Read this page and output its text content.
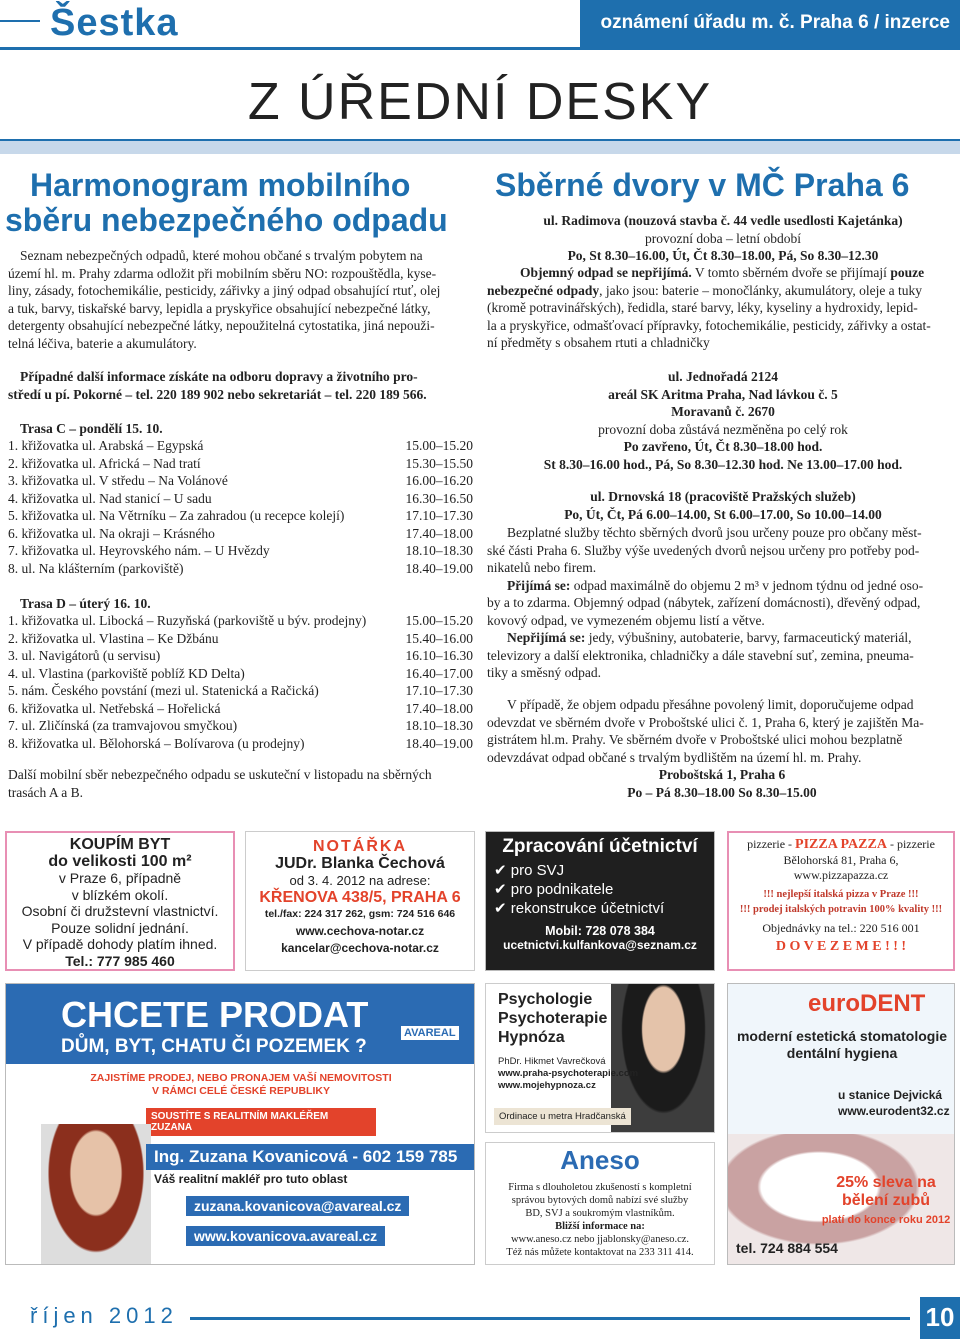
Šestka	oznámení úřadu m. č. Praha 6 / inzerce
Z ÚŘEDNÍ DESKY
Harmonogram mobilního
sběru nebezpečného odpadu
Seznam nebezpečných odpadů, které mohou občané s trvalým pobytem na
území hl. m. Prahy zdarma odložit při mobilním sběru NO: rozpouštědla, kyse-
liny, zásady, fotochemikálie, pesticidy, zářivky a jiný odpad obsahující rtuť, olej
a tuk, barvy, tiskařské barvy, lepidla a pryskyřice obsahující nebezpečné látky,
detergenty obsahující nebezpečné látky, nepoužitelná cytostatika, jiná nepouži-
telná léčiva, baterie a akumulátory.
Případné další informace získáte na odboru dopravy a životního pro-
středí u pí. Pokorné – tel. 220 189 902 nebo sekretariát – tel. 220 189 566.
Trasa C – pondělí 15. 10.
1. křižovatka ul. Arabská – Egypská	15.00–15.20
2. křižovatka ul. Africká – Nad tratí	15.30–15.50
3. křižovatka ul. V středu – Na Volánové	16.00–16.20
4. křižovatka ul. Nad stanicí – U sadu	16.30–16.50
5. křižovatka ul. Na Větrníku – Za zahradou (u recepce kolejí)	17.10–17.30
6. křižovatka ul. Na okraji – Krásného	17.40–18.00
7. křižovatka ul. Heyrovského nám. – U Hvězdy	18.10–18.30
8. ul. Na klášterním (parkoviště)	18.40–19.00
Trasa D – úterý 16. 10.
1. křižovatka ul. Libocká – Ruzyňská (parkoviště u býv. prodejny)	15.00–15.20
2. křižovatka ul. Vlastina – Ke Džbánu	15.40–16.00
3. ul. Navigátorů (u servisu)	16.10–16.30
4. ul. Vlastina (parkoviště poblíž KD Delta)	16.40–17.00
5. nám. Českého povstání (mezi ul. Statenická a Račická)	17.10–17.30
6. křižovatka ul. Netřebská – Hořelická	17.40–18.00
7. ul. Zličínská (za tramvajovou smyčkou)	18.10–18.30
8. křižovatka ul. Bělohorská – Bolívarova (u prodejny)	18.40–19.00
Další mobilní sběr nebezpečného odpadu se uskuteční v listopadu na sběrných
trasách A a B.
Sběrné dvory v MČ Praha 6
ul. Radimova (nouzová stavba č. 44 vedle usedlosti Kajetánka)
provozní doba – letní období
Po, St 8.30–16.00, Út, Čt 8.30–18.00, Pá, So 8.30–12.30
Objemný odpad se nepřijímá. V tomto sběrném dvoře se přijímají pouze
nebezpečné odpady, jako jsou: baterie – monočlánky, akumulátory, oleje a tuky
(kromě potravinářských), ředidla, staré barvy, léky, kyseliny a hydroxidy, lepid-
la a pryskyřice, odmašťovací přípravky, fotochemikálie, pesticidy, zářivky a ostat-
ní předměty s obsahem rtuti a chladničky
ul. Jednořadá 2124
areál SK Aritma Praha, Nad lávkou č. 5
Moravanů č. 2670
provozní doba zůstává nezměněna po celý rok
Po zavřeno, Út, Čt 8.30–18.00 hod.
St 8.30–16.00 hod., Pá, So 8.30–12.30 hod. Ne 13.00–17.00 hod.
ul. Drnovská 18 (pracoviště Pražských služeb)
Po, Út, Čt, Pá 6.00–14.00, St 6.00–17.00, So 10.00–14.00
Bezplatné služby těchto sběrných dvorů jsou určeny pouze pro občany měst-
ské části Praha 6. Služby výše uvedených dvorů nejsou určeny pro potřeby pod-
nikatelů nebo firem.
Přijímá se: odpad maximálně do objemu 2 m³ v jednom týdnu od jedné oso-
by a to zdarma. Objemný odpad (nábytek, zařízení domácnosti), dřevěný odpad,
kovový odpad, ve vymezeném objemu listí a větve.
Nepřijímá se: jedy, výbušniny, autobaterie, barvy, farmaceutický materiál,
televizory a další elektronika, chladničky a dále stavební suť, zemina, pneuma-
tiky a směsný odpad.
V případě, že objem odpadu přesáhne povolený limit, doporučujeme odpad
odevzdat ve sběrném dvoře v Proboštské ulici č. 1, Praha 6, který je zajištěn Ma-
gistrátem hl.m. Prahy. Ve sběrném dvoře v Proboštské ulici mohou bezplatně
odevzdávat odpad občané s trvalým bydlištěm na území hl. m. Prahy.
Proboštská 1, Praha 6
Po – Pá 8.30–18.00 So 8.30–15.00
KOUPÍM BYT
do velikosti 100 m²
v Praze 6, případně
v blízkém okolí.
Osobní či družstevní vlastnictví.
Pouze solidní jednání.
V případě dohody platím ihned.
Tel.: 777 985 460
NOTÁŘKA
JUDr. Blanka Čechová
od 3. 4. 2012 na adrese:
KŘENOVA 438/5, PRAHA 6
tel./fax: 224 317 262, gsm: 724 516 646
www.cechova-notar.cz
kancelar@cechova-notar.cz
Zpracování účetnictví
✔ pro SVJ
✔ pro podnikatele
✔ rekonstrukce účetnictví
Mobil: 728 078 384
ucetnictvi.kulfankova@seznam.cz
pizzerie - PIZZA PAZZA - pizzerie
Bělohorská 81, Praha 6,
www.pizzapazza.cz
!!! nejlepší italská pizza v Praze !!!
!!! prodej italských potravin 100% kvality !!!
Objednávky na tel.: 220 516 001
D O V E Z E M E ! ! !
CHCETE PRODAT
DŮM, BYT, CHATU ČI POZEMEK ?
AVAREAL
ZAJISTÍME PRODEJ, NEBO PRONAJEM VAŠÍ NEMOVITOSTI
V RÁMCI CELÉ ČESKÉ REPUBLIKY
SOUSTÍTE S REALITNÍM MAKLÉŘEM ZUZANA
Ing. Zuzana Kovanicová - 602 159 785
Váš realitní makléř pro tuto oblast
zuzana.kovanicova@avareal.cz
www.kovanicova.avareal.cz
Psychologie
Psychoterapie
Hypnóza
PhDr. Hikmet Vavrečková
www.praha-psychoterapie.com
www.mojehypnoza.cz
Ordinace u metra Hradčanská
Aneso
Firma s dlouholetou zkušeností s kompletní
správou bytových domů nabízí své služby
BD, SVJ a soukromým vlastníkům.
Bližší informace na:
www.aneso.cz nebo jjablonsky@aneso.cz.
Též nás můžete kontaktovat na 233 311 414.
euroDENT
moderní estetická stomatologie
dentální hygiena
u stanice Dejvická
www.eurodent32.cz
25% sleva na bělení zubů
platí do konce roku 2012
tel. 724 884 554
říjen 2012	10
